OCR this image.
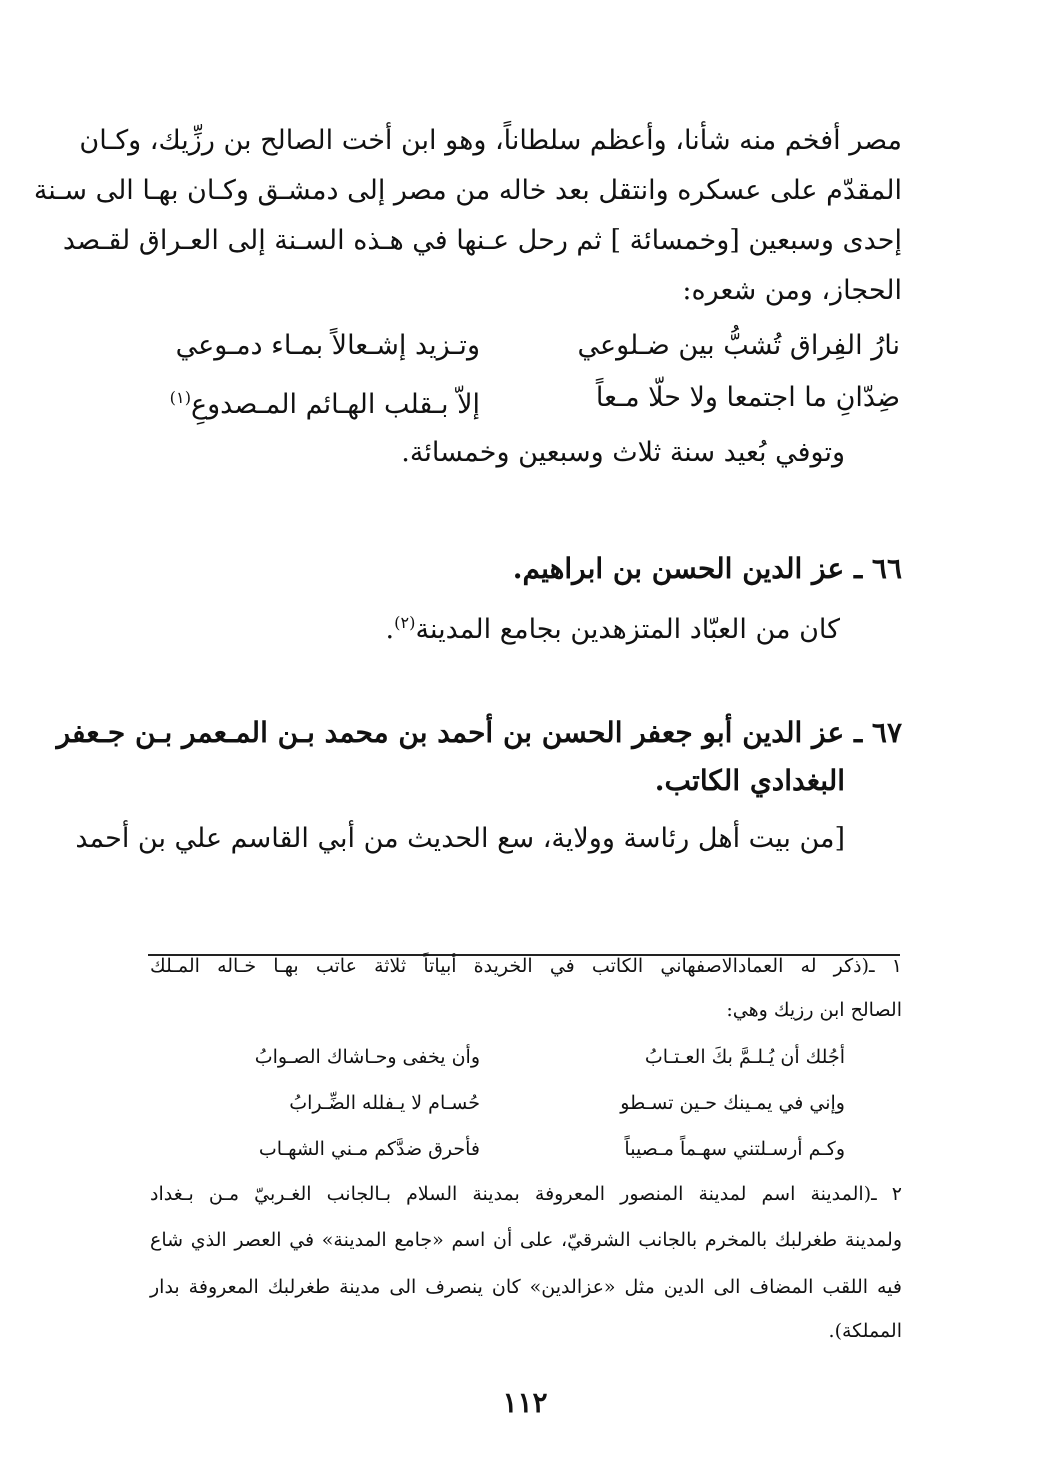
مصر أفخم منه شأنا، وأعظم سلطاناً، وهو ابن أخت الصالح بن رزِّيك، وكـان
المقدّم على عسكره وانتقل بعد خاله من مصر إلى دمشـق وكـان بهـا الى سـنة
إحدى وسبعين [وخمسائة ] ثم رحل عـنها في هـذه السـنة إلى العـراق لقـصد
الحجاز، ومن شعره:
نارُ الفِراق تُشبُّ بين ضـلوعي
وتـزيد إشـعالاً بمـاء دمـوعي
ضِدّانِ ما اجتمعا ولا حلّا مـعاً
إلاّ بـقلب الهـائم المـصدوعِ$^{(١)}$
وتوفي بُعيد سنة ثلاث وسبعين وخمسائة.
٦٦ ـ عز الدين الحسن بن ابراهيم.
كان من العبّاد المتزهدين بجامع المدينة$^{(٢)}$.
٦٧ ـ عز الدين أبو جعفر الحسن بن أحمد بن محمد بـن المـعمر بـن جـعفر
البغدادي الكاتب.
[من بيت أهل رئاسة وولاية، سع الحديث من أبي القاسم علي بن أحمد
١ ـ(ذكر له العمادالاصفهاني الكاتب في الخريدة أبياتاً ثلاثة عاتب بهـا خـاله المـلك
الصالح ابن رزيك وهي:
أجُلك أن يُـلـمَّ بكَ العـتـابُ
وأن يخفى وحـاشاك الصـوابُ
وإني في يمـينك حـين تسـطو
حُسـام لا يـفلله الضِّـرابُ
وكـم أرسـلتني سهـماً مـصيباً
فأحرق ضدَّكم مـني الشهـاب
٢ ـ(المدينة اسم لمدينة المنصور المعروفة بمدينة السلام بـالجانب الغـربيّ مـن بـغداد
ولمدينة طغرلبك بالمخرم بالجانب الشرقيّ، على أن اسم «جامع المدينة» في العصر الذي شاع
فيه اللقب المضاف الى الدين مثل «عزالدين» كان ينصرف الى مدينة طغرلبك المعروفة بدار
المملكة).
١١٢
